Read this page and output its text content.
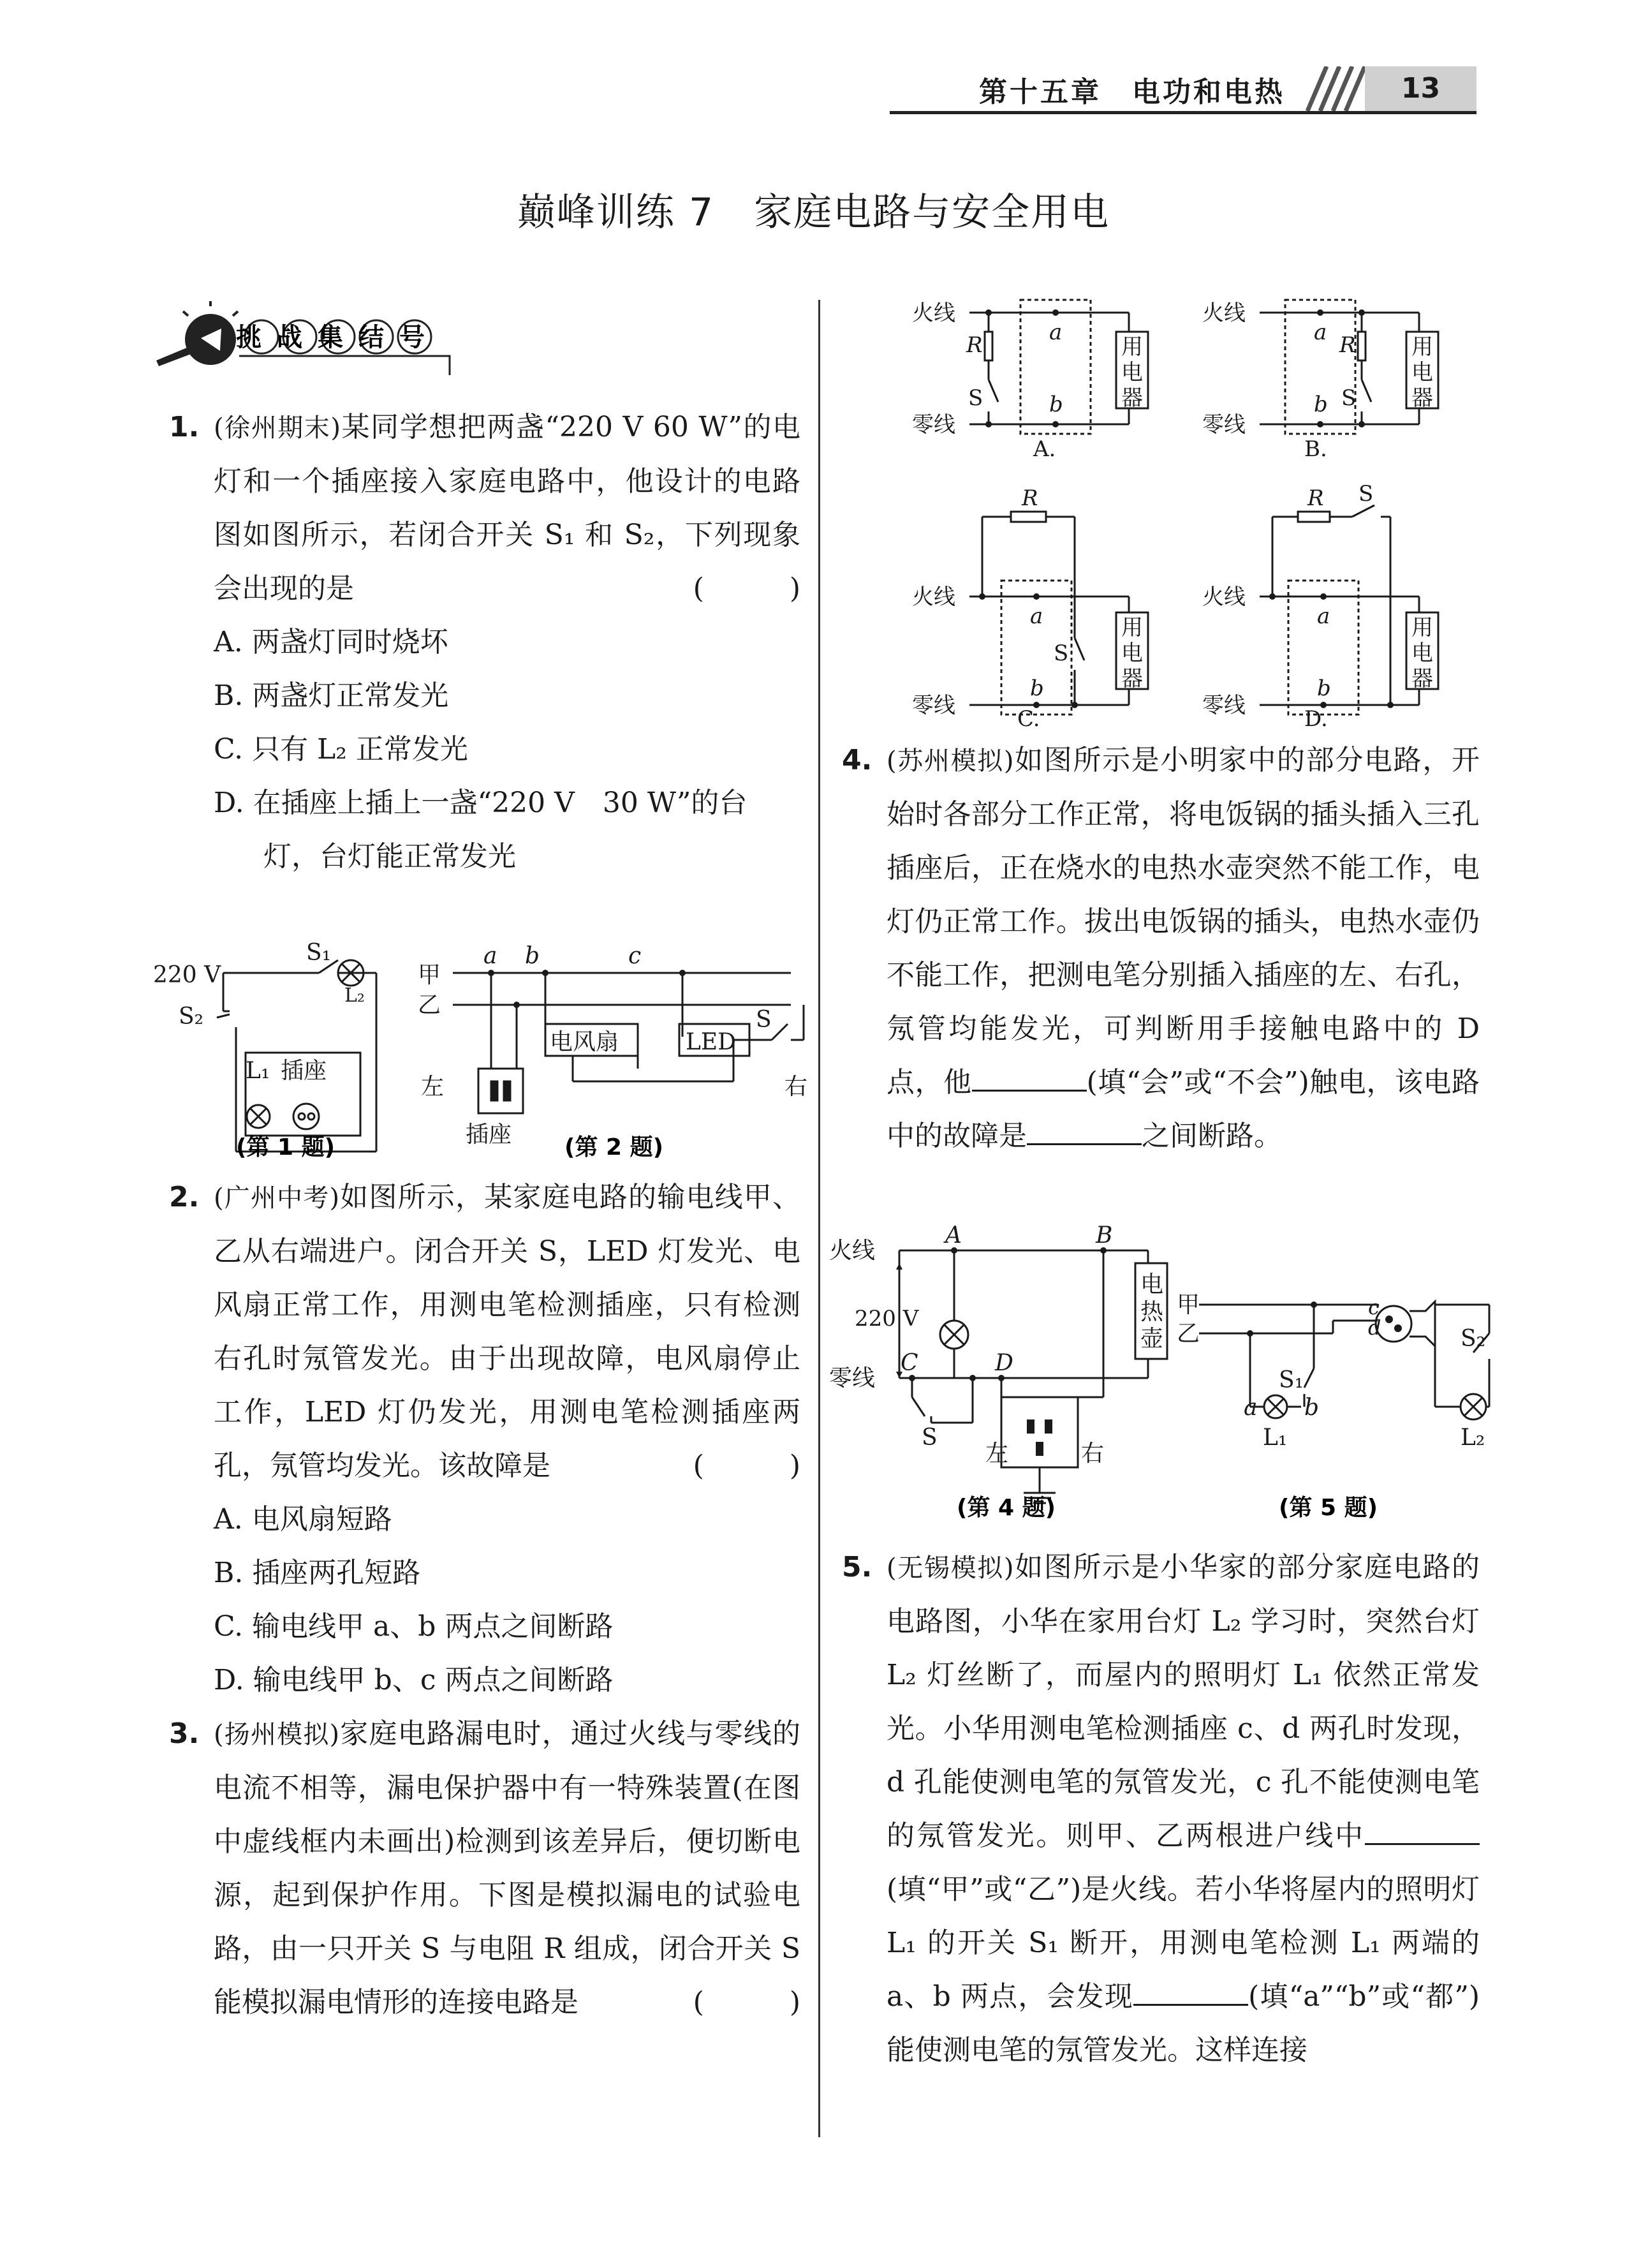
第十五章　电功和电热	13
巅峰训练 7　家庭电路与安全用电
挑战集结号
1. (徐州期末)某同学想把两盏“220 V 60 W”的电灯和一个插座接入家庭电路中，他设计的电路图如图所示，若闭合开关 S₁ 和 S₂，下列现象会出现的是	( )
A. 两盏灯同时烧坏
B. 两盏灯正常发光
C. 只有 L₂ 正常发光
D. 在插座上插上一盏“220 V　30 W”的台
灯，台灯能正常发光
220 V
S₁
S₂
L₂
L₁ 插座
甲
乙
a b	c
电风扇	LED
S
左	右
插座
(第 1 题)	(第 2 题)
2. (广州中考)如图所示，某家庭电路的输电线甲、乙从右端进户。闭合开关 S，LED 灯发光、电风扇正常工作，用测电笔检测插座，只有检测右孔时氖管发光。由于出现故障，电风扇停止工作，LED 灯仍发光，用测电笔检测插座两孔，氖管均发光。该故障是	( )
A. 电风扇短路
B. 插座两孔短路
C. 输电线甲 a、b 两点之间断路
D. 输电线甲 b、c 两点之间断路
3. (扬州模拟)家庭电路漏电时，通过火线与零线的电流不相等，漏电保护器中有一特殊装置(在图中虚线框内未画出)检测到该差异后，便切断电源，起到保护作用。下图是模拟漏电的试验电路，由一只开关 S 与电阻 R 组成，闭合开关 S 能模拟漏电情形的连接电路是	( )
火线
零线
R
S
a
b
用
电
器
A.
火线
零线
R
S
a
b
用
电
器
B.
火线
零线
R
S
a
b
用
电
器
C.
火线
零线
R S
a
b
用
电
器
D.
4. (苏州模拟)如图所示是小明家中的部分电路，开始时各部分工作正常，将电饭锅的插头插入三孔插座后，正在烧水的电热水壶突然不能工作，电灯仍正常工作。拔出电饭锅的插头，电热水壶仍不能工作，把测电笔分别插入插座的左、右孔，氖管均能发光，可判断用手接触电路中的 D 点，他	(填“会”或“不会”)触电，该电路中的故障是	之间断路。
火线
零线
220 V
A	B
C	D
S
电
热
壶
左	右
甲
乙
c
d
S₁
S₂
a b
L₁	L₂
(第 4 题)	(第 5 题)
5. (无锡模拟)如图所示是小华家的部分家庭电路的电路图，小华在家用台灯 L₂ 学习时，突然台灯 L₂ 灯丝断了，而屋内的照明灯 L₁ 依然正常发光。小华用测电笔检测插座 c、d 两孔时发现，d 孔能使测电笔的氖管发光，c 孔不能使测电笔的氖管发光。则甲、乙两根进户线中(填“甲”或“乙”)是火线。若小华将屋内的照明灯 L₁ 的开关 S₁ 断开，用测电笔检测 L₁ 两端的 a、b 两点，会发现	(填“a”“b”或“都”)能使测电笔的氖管发光。这样连接
